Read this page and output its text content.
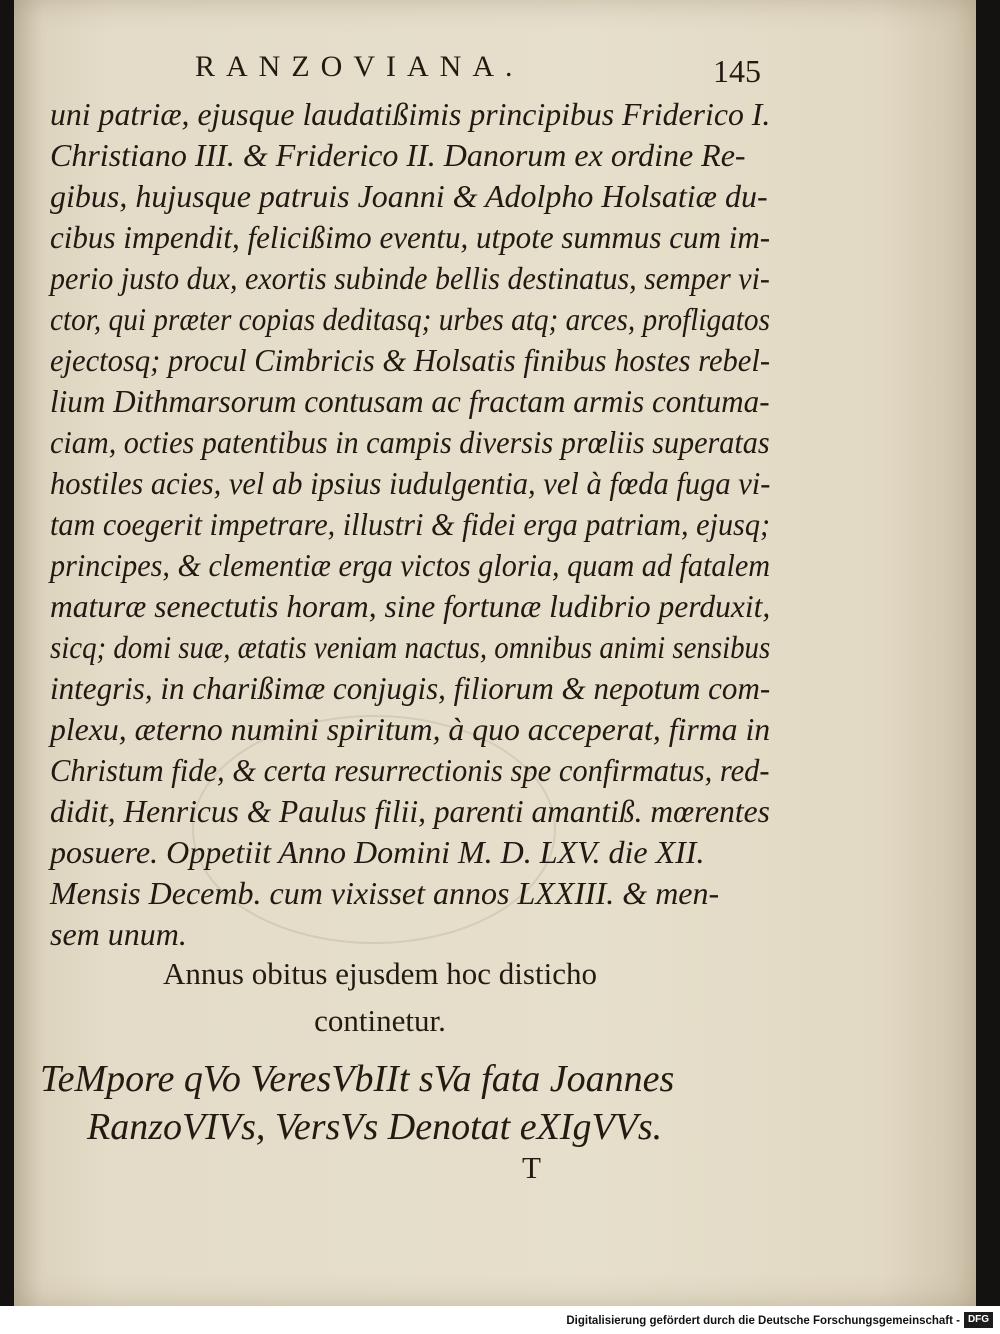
RANZOVIANA.	145
uni patriæ, ejusque laudatißimis principibus Friderico I.
Christiano III. & Friderico II. Danorum ex ordine Re-
gibus, hujusque patruis Joanni & Adolpho Holsatiæ du-
cibus impendit, felicißimo eventu, utpote summus cum im-
perio justo dux, exortis subinde bellis destinatus, semper vi-
ctor, qui præter copias deditasq; urbes atq; arces, profligatos
ejectosq; procul Cimbricis & Holsatis finibus hostes rebel-
lium Dithmarsorum contusam ac fractam armis contuma-
ciam, octies patentibus in campis diversis prœliis superatas
hostiles acies, vel ab ipsius iudulgentia, vel à fœda fuga vi-
tam coegerit impetrare, illustri & fidei erga patriam, ejusq;
principes, & clementiæ erga victos gloria, quam ad fatalem
maturæ senectutis horam, sine fortunæ ludibrio perduxit,
sicq; domi suæ, ætatis veniam nactus, omnibus animi sensibus
integris, in charißimæ conjugis, filiorum & nepotum com-
plexu, æterno numini spiritum, à quo acceperat, firma in
Christum fide, & certa resurrectionis spe confirmatus, red-
didit, Henricus & Paulus filii, parenti amantiß. mœrentes
posuere. Oppetiit Anno Domini M. D. LXV. die XII.
Mensis Decemb. cum vixisset annos LXXIII. & men-
sem unum.
Annus obitus ejusdem hoc disticho
continetur.
TeMpore qVo VeresVbIIt sVa fata Joannes
RanzoVIVs, VersVs Denotat eXIgVVs.
T
Digitalisierung gefördert durch die Deutsche Forschungsgemeinschaft - DFG
